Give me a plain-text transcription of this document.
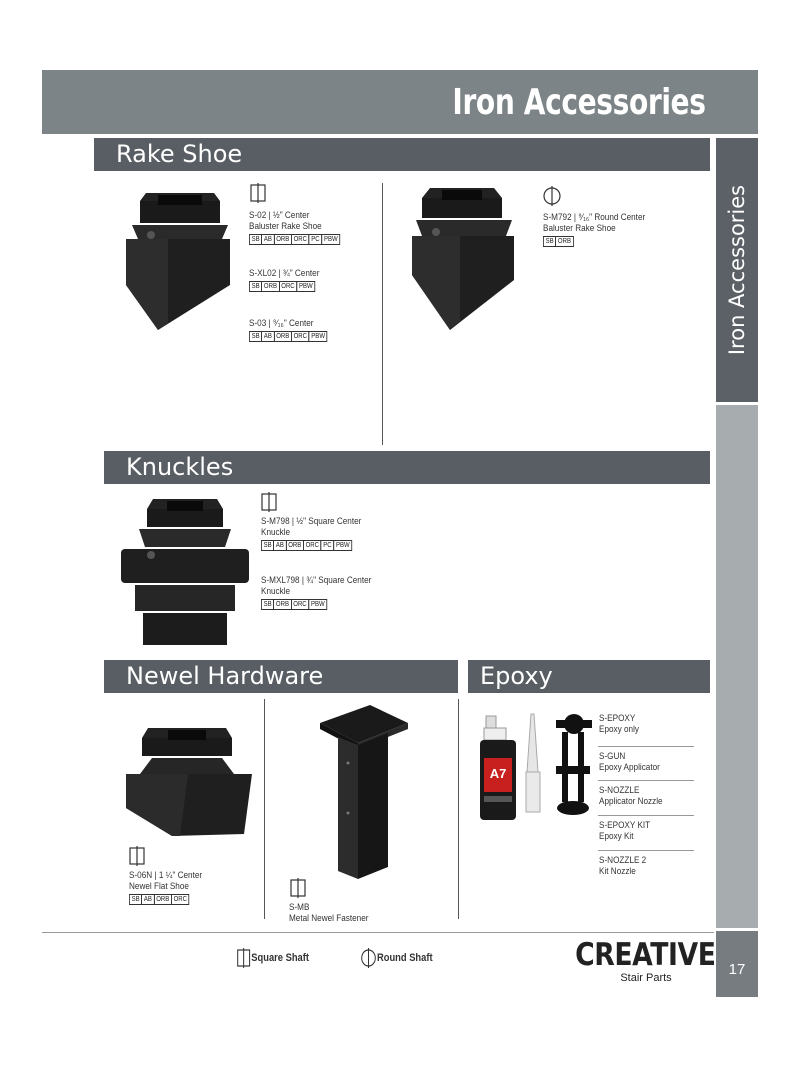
Iron Accessories
Iron Accessories
Rake Shoe
S-02 | ½" Center
Baluster Rake Shoe
SB AB ORB ORC PC PBW
S-XL02 | ¾" Center
SB ORB ORC PBW
S-03 | ⁹⁄₁₆" Center
SB AB ORB ORC PBW
S-M792 | ⁹⁄₁₆" Round Center
Baluster Rake Shoe
SB ORB
Knuckles
S-M798 | ½" Square Center
Knuckle
SB AB ORB ORC PC PBW
S-MXL798 | ¾" Square Center
Knuckle
SB ORB ORC PBW
Newel Hardware
S-06N | 1 ¼" Center
Newel Flat Shoe
SB AB ORB ORC
S-MB
Metal Newel Fastener
Epoxy
A7
S-EPOXY
Epoxy only
S-GUN
Epoxy Applicator
S-NOZZLE
Applicator Nozzle
S-EPOXY KIT
Epoxy Kit
S-NOZZLE 2
Kit Nozzle
Square Shaft	Round Shaft	CREATIVE
Stair Parts	17
